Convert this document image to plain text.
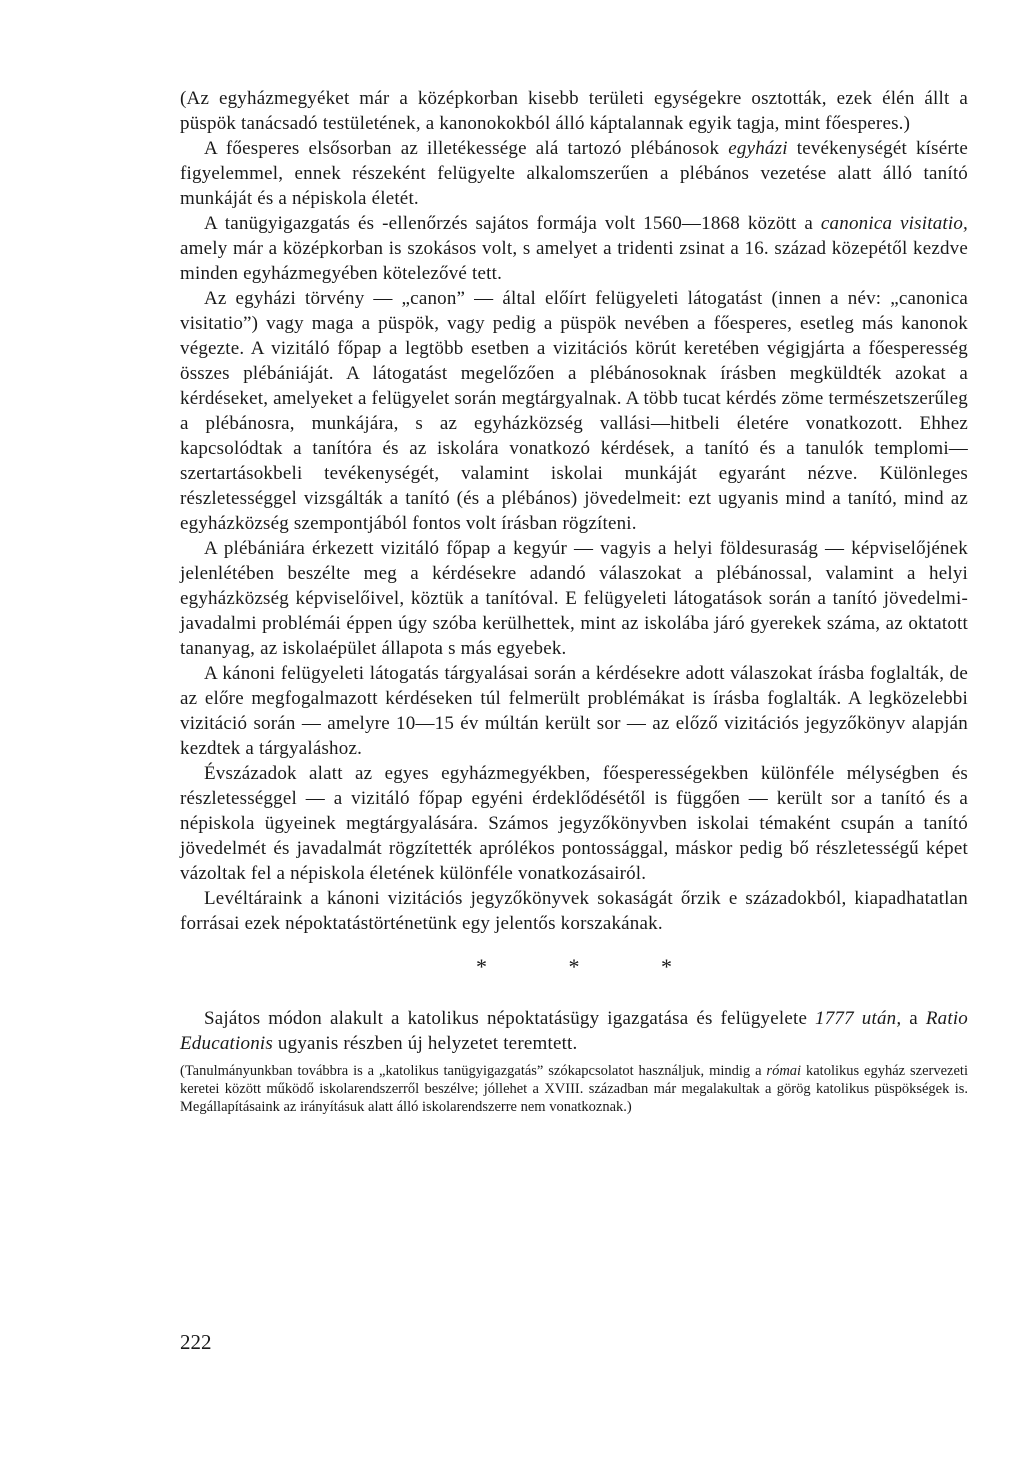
(Az egyházmegyéket már a középkorban kisebb területi egységekre osztották, ezek élén állt a püspök tanácsadó testületének, a kanonokokból álló káptalannak egyik tagja, mint főesperes.)

A főesperes elsősorban az illetékessége alá tartozó plébánosok egyházi tevékenységét kísérte figyelemmel, ennek részeként felügyelte alkalomszerűen a plébános vezetése alatt álló tanító munkáját és a népiskola életét.

A tanügyigazgatás és -ellenőrzés sajátos formája volt 1560—1868 között a canonica visitatio, amely már a középkorban is szokásos volt, s amelyet a tridenti zsinat a 16. század közepétől kezdve minden egyházmegyében kötelezővé tett.

Az egyházi törvény — „canon” — által előírt felügyeleti látogatást (innen a név: „canonica visitatio”) vagy maga a püspök, vagy pedig a püspök nevében a főesperes, esetleg más kanonok végezte. A vizitáló főpap a legtöbb esetben a vizitációs körút keretében végigjárta a főesperesség összes plébániáját. A látogatást megelőzően a plébánosoknak írásben megküldték azokat a kérdéseket, amelyeket a felügyelet során megtárgyalnak. A több tucat kérdés zöme természetszerűleg a plébánosra, munkájára, s az egyházközség vallási—hitbeli életére vonatkozott. Ehhez kapcsolódtak a tanítóra és az iskolára vonatkozó kérdések, a tanító és a tanulók templomi—szertartásokbeli tevékenységét, valamint iskolai munkáját egyaránt nézve. Különleges részletességgel vizsgálták a tanító (és a plébános) jövedelmeit: ezt ugyanis mind a tanító, mind az egyházközség szempontjából fontos volt írásban rögzíteni.

A plébániára érkezett vizitáló főpap a kegyúr — vagyis a helyi földesuraság — képviselőjének jelenlétében beszélte meg a kérdésekre adandó válaszokat a plébánossal, valamint a helyi egyházközség képviselőivel, köztük a tanítóval. E felügyeleti látogatások során a tanító jövedelmi-javadalmi problémái éppen úgy szóba kerülhettek, mint az iskolába járó gyerekek száma, az oktatott tananyag, az iskolaépület állapota s más egyebek.

A kánoni felügyeleti látogatás tárgyalásai során a kérdésekre adott válaszokat írásba foglalták, de az előre megfogalmazott kérdéseken túl felmerült problémákat is írásba foglalták. A legközelebbi vizitáció során — amelyre 10—15 év múltán került sor — az előző vizitációs jegyzőkönyv alapján kezdtek a tárgyaláshoz.

Évszázadok alatt az egyes egyházmegyékben, főesperességekben különféle mélységben és részletességgel — a vizitáló főpap egyéni érdeklődésétől is függően — került sor a tanító és a népiskola ügyeinek megtárgyalására. Számos jegyzőkönyvben iskolai témaként csupán a tanító jövedelmét és javadalmát rögzítették aprólékos pontossággal, máskor pedig bő részletességű képet vázoltak fel a népiskola életének különféle vonatkozásairól.

Levéltáraink a kánoni vizitációs jegyzőkönyvek sokaságát őrzik e századokból, kiapadhatatlan forrásai ezek népoktatástörténetünk egy jelentős korszakának.

* * *

Sajátos módon alakult a katolikus népoktatásügy igazgatása és felügyelete 1777 után, a Ratio Educationis ugyanis részben új helyzetet teremtett.

(Tanulmányunkban továbbra is a „katolikus tanügyigazgatás” szókapcsolatot használjuk, mindig a római katolikus egyház szervezeti keretei között működő iskolarendszerről beszélve; jóllehet a XVIII. században már megalakultak a görög katolikus püspökségek is. Megállapításaink az irányításuk alatt álló iskolarendszerre nem vonatkoznak.)

222
